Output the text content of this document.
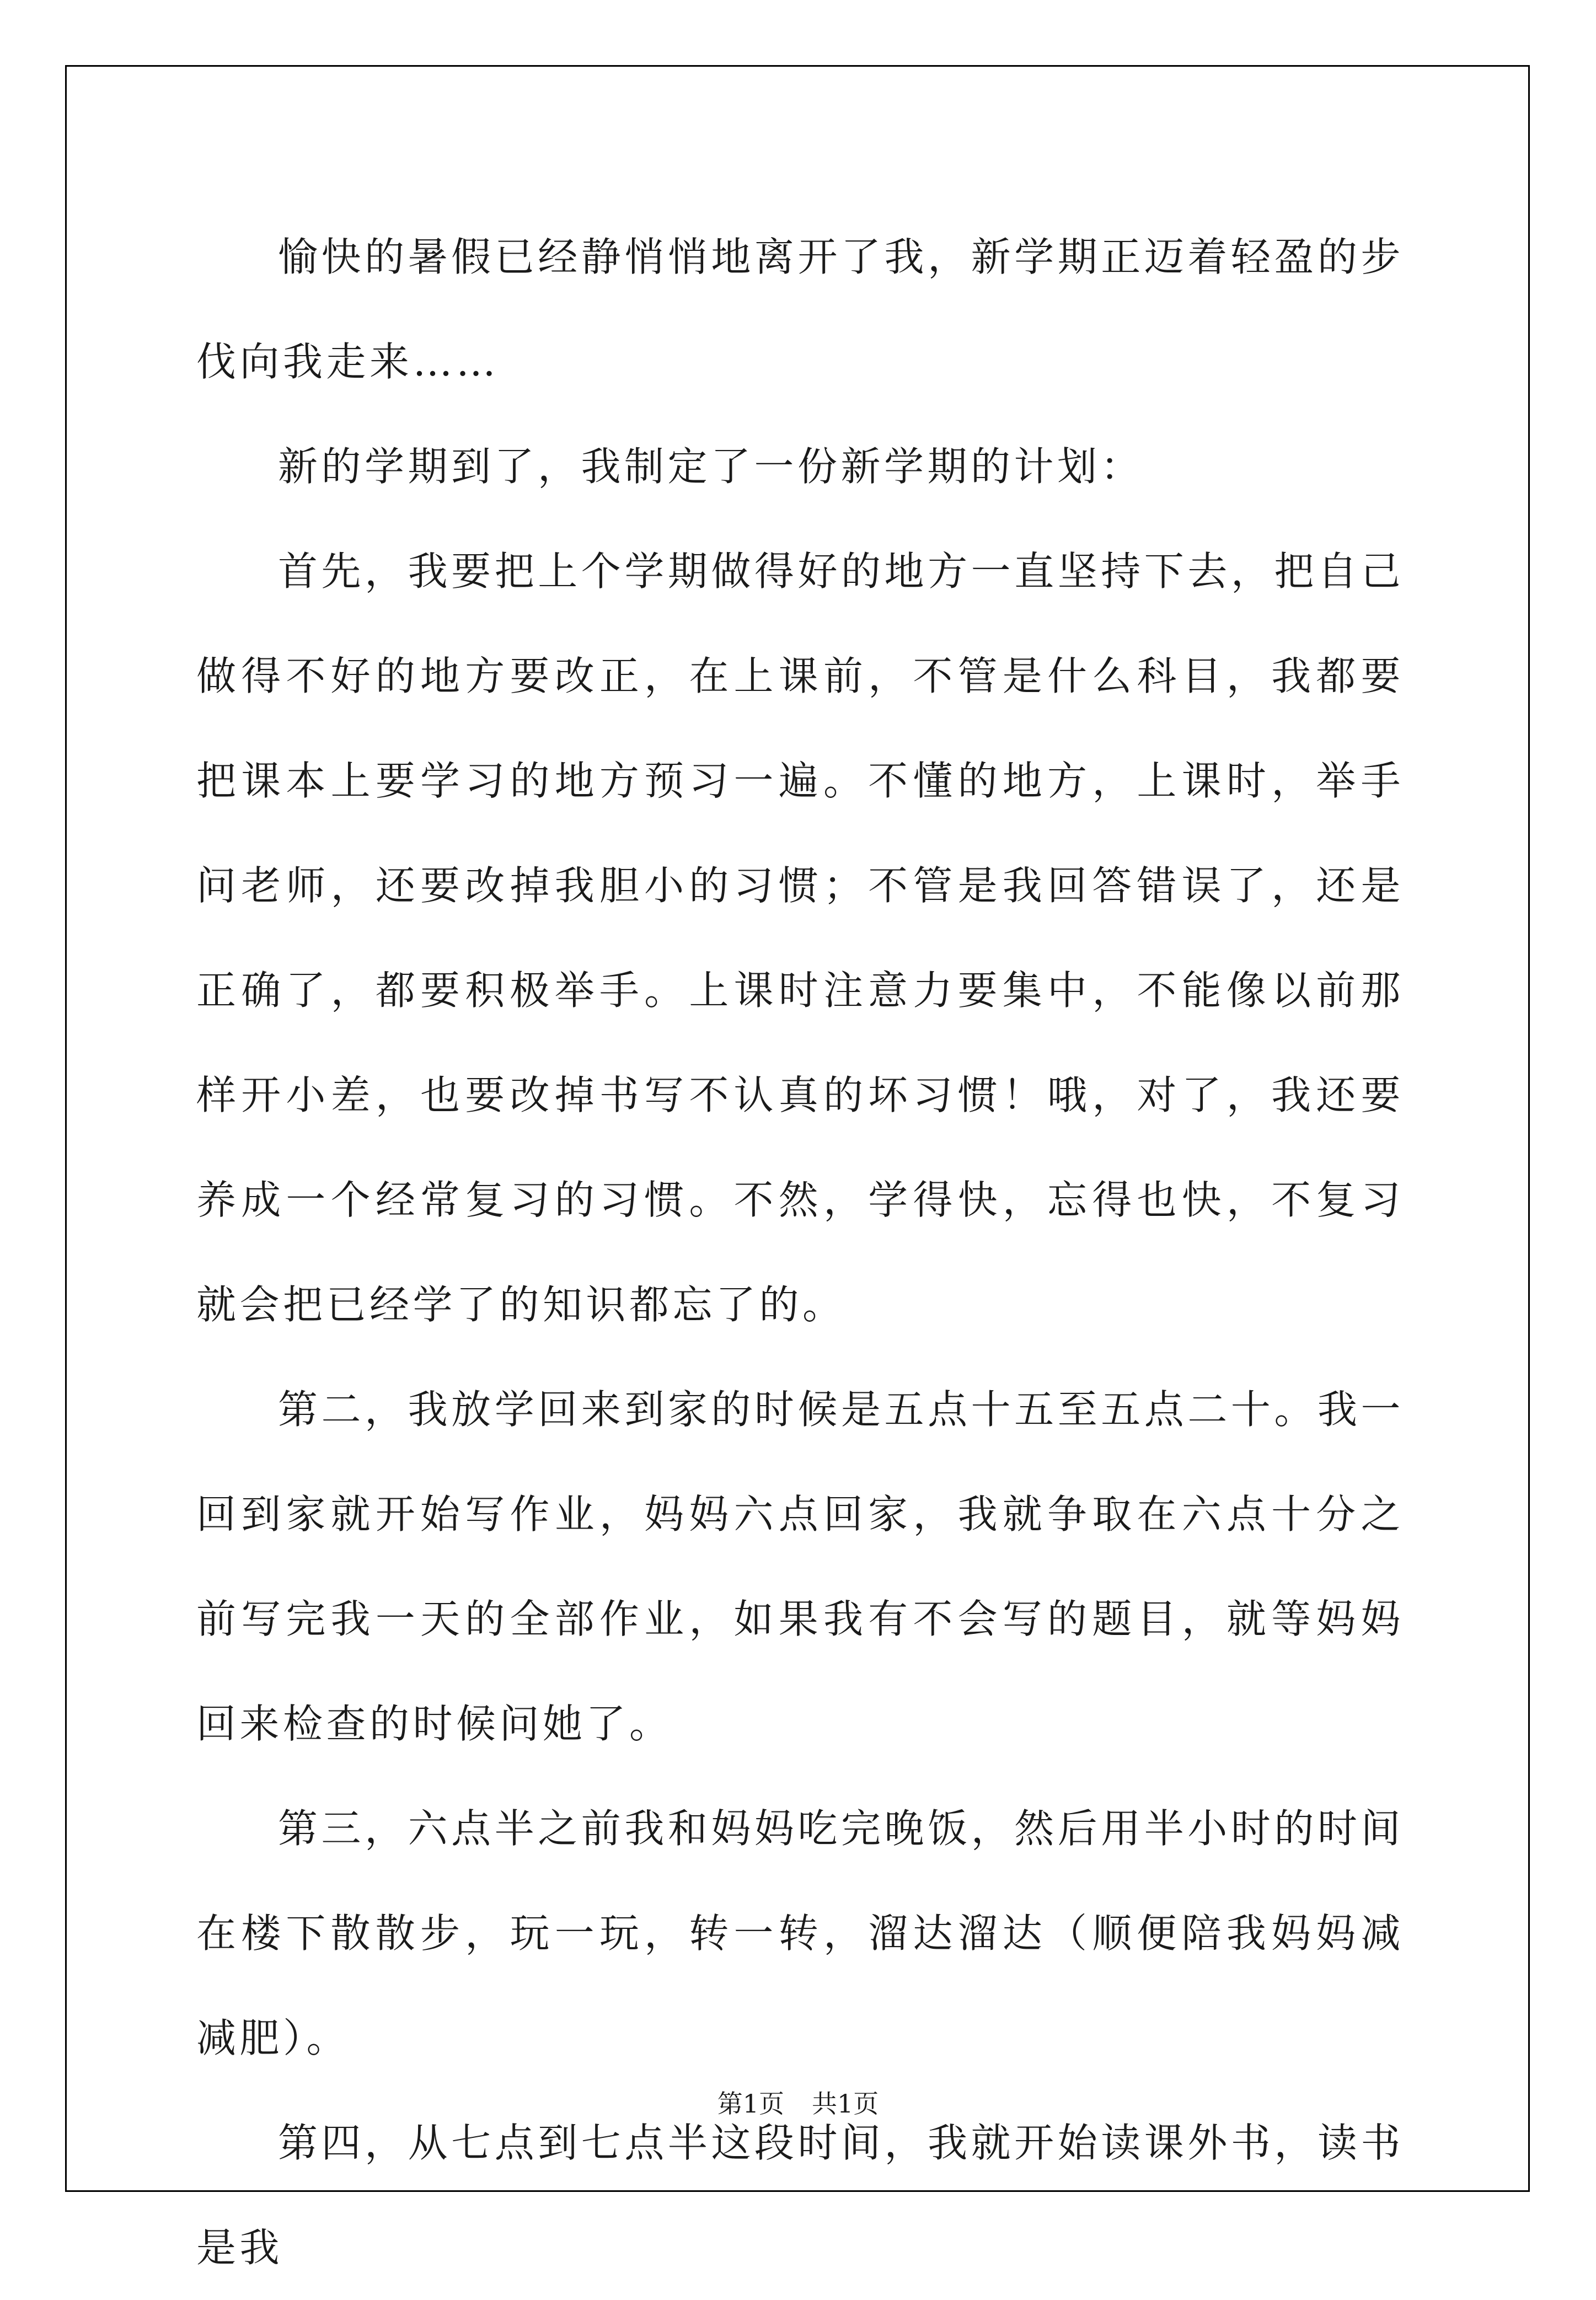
愉快的暑假已经静悄悄地离开了我，新学期正迈着轻盈的步伐向我走来……

新的学期到了，我制定了一份新学期的计划：

首先，我要把上个学期做得好的地方一直坚持下去，把自己做得不好的地方要改正，在上课前，不管是什么科目，我都要把课本上要学习的地方预习一遍。不懂的地方，上课时，举手问老师，还要改掉我胆小的习惯；不管是我回答错误了，还是正确了，都要积极举手。上课时注意力要集中，不能像以前那样开小差，也要改掉书写不认真的坏习惯！哦，对了，我还要养成一个经常复习的习惯。不然，学得快，忘得也快，不复习就会把已经学了的知识都忘了的。

第二，我放学回来到家的时候是五点十五至五点二十。我一回到家就开始写作业，妈妈六点回家，我就争取在六点十分之前写完我一天的全部作业，如果我有不会写的题目，就等妈妈回来检查的时候问她了。

第三，六点半之前我和妈妈吃完晚饭，然后用半小时的时间在楼下散散步，玩一玩，转一转，溜达溜达（顺便陪我妈妈减减肥）。

第四，从七点到七点半这段时间，我就开始读课外书，读书是我

第1页 共1页
